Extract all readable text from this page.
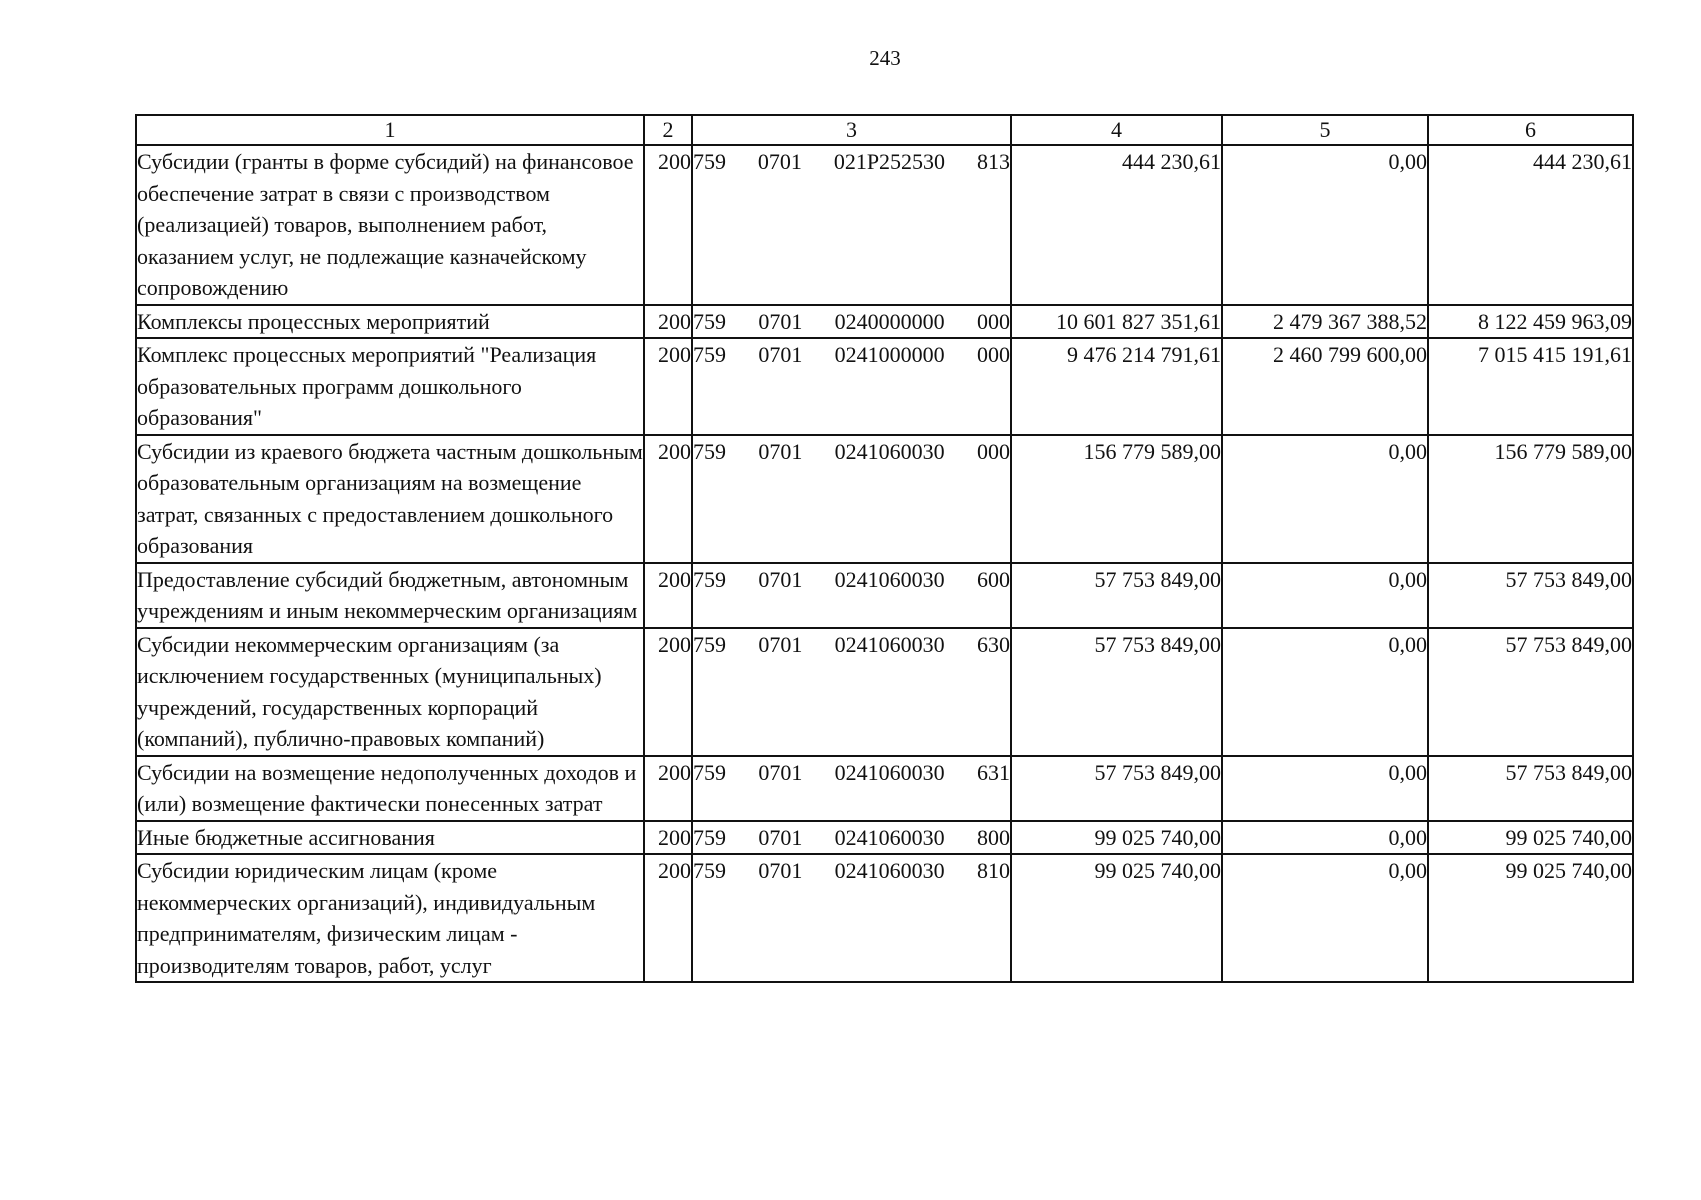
243
1	2	3	4	5	6
Субсидии (гранты в форме субсидий) на финансовое обеспечение затрат в связи с производством (реализацией) товаров, выполнением работ, оказанием услуг, не подлежащие казначейскому сопровождению	200	759 0701 021Р252530 813	444 230,61	0,00	444 230,61
Комплексы процессных мероприятий	200	759 0701 0240000000 000	10 601 827 351,61	2 479 367 388,52	8 122 459 963,09
Комплекс процессных мероприятий "Реализация образовательных программ дошкольного образования"	200	759 0701 0241000000 000	9 476 214 791,61	2 460 799 600,00	7 015 415 191,61
Субсидии из краевого бюджета частным дошкольным образовательным организациям на возмещение затрат, связанных с предоставлением дошкольного образования	200	759 0701 0241060030 000	156 779 589,00	0,00	156 779 589,00
Предоставление субсидий бюджетным, автономным учреждениям и иным некоммерческим организациям	200	759 0701 0241060030 600	57 753 849,00	0,00	57 753 849,00
Субсидии некоммерческим организациям (за исключением государственных (муниципальных) учреждений, государственных корпораций (компаний), публично-правовых компаний)	200	759 0701 0241060030 630	57 753 849,00	0,00	57 753 849,00
Субсидии на возмещение недополученных доходов и (или) возмещение фактически понесенных затрат	200	759 0701 0241060030 631	57 753 849,00	0,00	57 753 849,00
Иные бюджетные ассигнования	200	759 0701 0241060030 800	99 025 740,00	0,00	99 025 740,00
Субсидии юридическим лицам (кроме некоммерческих организаций), индивидуальным предпринимателям, физическим лицам - производителям товаров, работ, услуг	200	759 0701 0241060030 810	99 025 740,00	0,00	99 025 740,00
